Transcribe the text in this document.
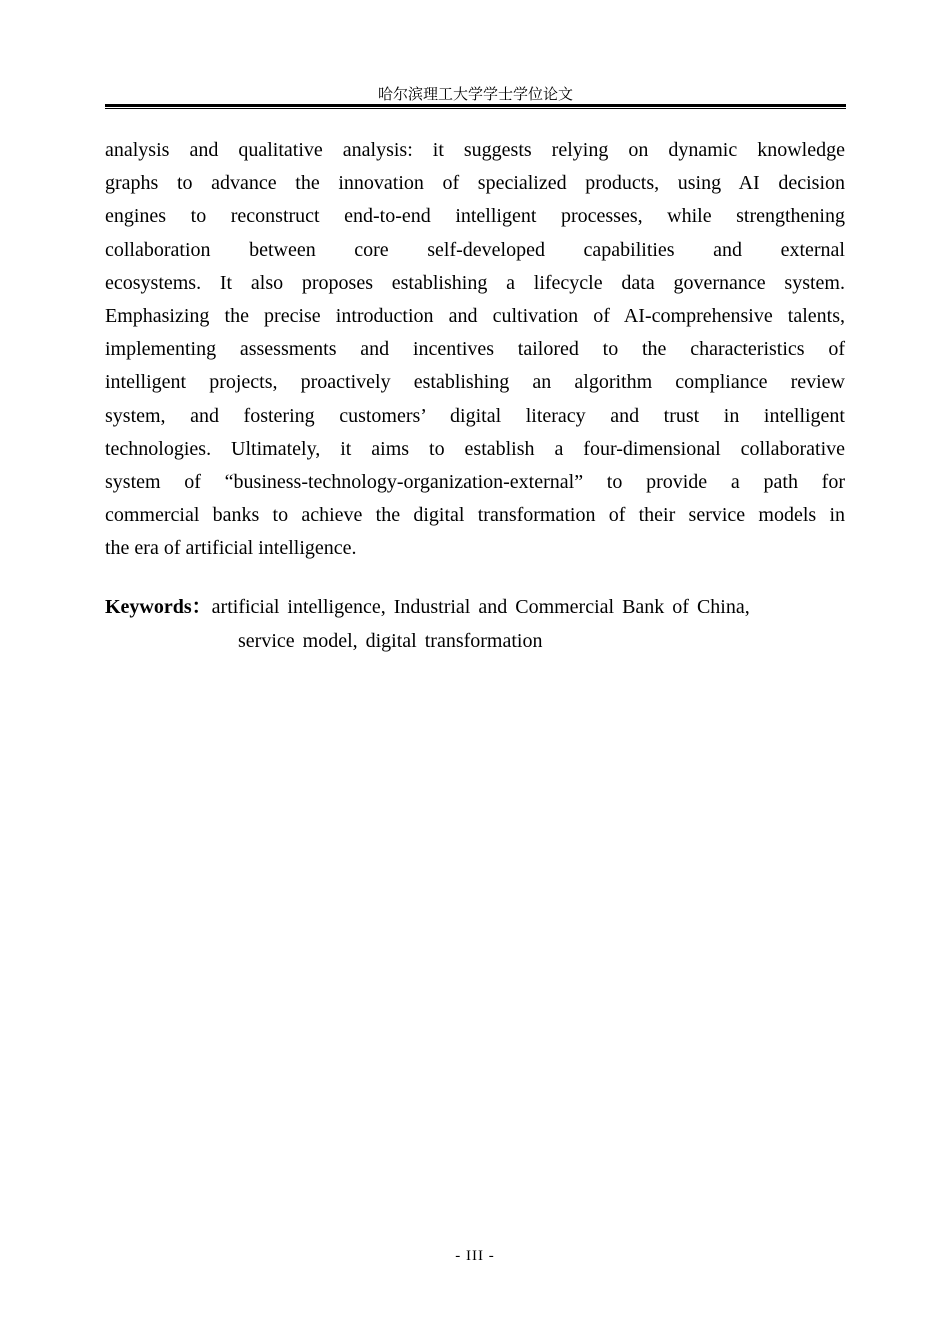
哈尔滨理工大学学士学位论文
analysis and qualitative analysis: it suggests relying on dynamic knowledge
graphs to advance the innovation of specialized products, using AI decision
engines to reconstruct end-to-end intelligent processes, while strengthening
collaboration between core self-developed capabilities and external
ecosystems. It also proposes establishing a lifecycle data governance system.
Emphasizing the precise introduction and cultivation of AI-comprehensive talents,
implementing assessments and incentives tailored to the characteristics of
intelligent projects, proactively establishing an algorithm compliance review
system, and fostering customers’ digital literacy and trust in intelligent
technologies. Ultimately, it aims to establish a four-dimensional collaborative
system of “business-technology-organization-external” to provide a path for
commercial banks to achieve the digital transformation of their service models in
the era of artificial intelligence.
Keywords：artificial intelligence, Industrial and Commercial Bank of China,
service model, digital transformation
- III -
